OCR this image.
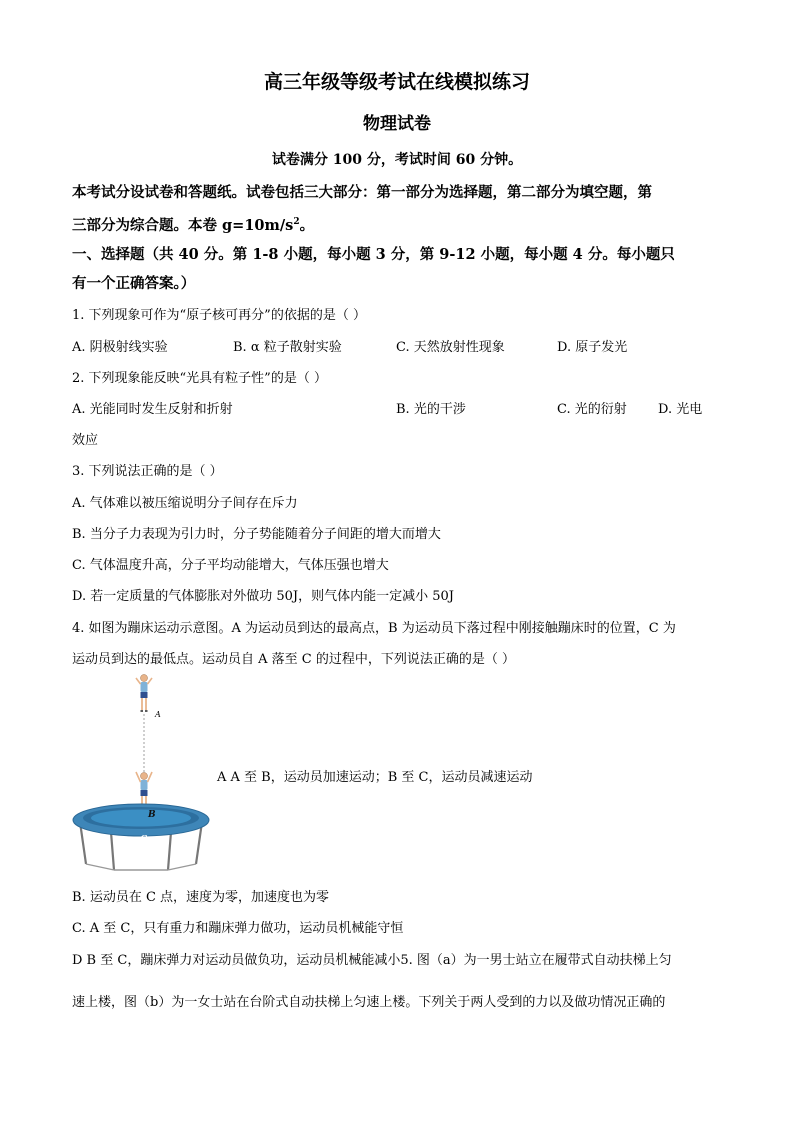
高三年级等级考试在线模拟练习
物理试卷
试卷满分 100 分，考试时间 60 分钟。
本考试分设试卷和答题纸。试卷包括三大部分：第一部分为选择题，第二部分为填空题，第
三部分为综合题。本卷 $g=10m/s^2$。
一、选择题（共 40 分。第 1-8 小题，每小题 3 分，第 9-12 小题，每小题 4 分。每小题只
有一个正确答案。）
1. 下列现象可作为“原子核可再分”的依据的是（ ）
A. 阴极射线实验	B. α 粒子散射实验	C. 天然放射性现象	D. 原子发光
2. 下列现象能反映“光具有粒子性”的是（ ）
A. 光能同时发生反射和折射	B. 光的干涉	C. 光的衍射 D. 光电
效应
3. 下列说法正确的是（ ）
A. 气体难以被压缩说明分子间存在斥力
B. 当分子力表现为引力时，分子势能随着分子间距的增大而增大
C. 气体温度升高，分子平均动能增大，气体压强也增大
D. 若一定质量的气体膨胀对外做功 50J，则气体内能一定减小 50J
4. 如图为蹦床运动示意图。A 为运动员到达的最高点，B 为运动员下落过程中刚接触蹦床时的位置，C 为
运动员到达的最低点。运动员自 A 落至 C 的过程中，下列说法正确的是（ ）
A
B
C
A A 至 B，运动员加速运动；B 至 C，运动员减速运动
B. 运动员在 C 点，速度为零，加速度也为零
C. A 至 C，只有重力和蹦床弹力做功，运动员机械能守恒
D B 至 C，蹦床弹力对运动员做负功，运动员机械能减小5. 图（a）为一男士站立在履带式自动扶梯上匀
速上楼，图（b）为一女士站在台阶式自动扶梯上匀速上楼。下列关于两人受到的力以及做功情况正确的
